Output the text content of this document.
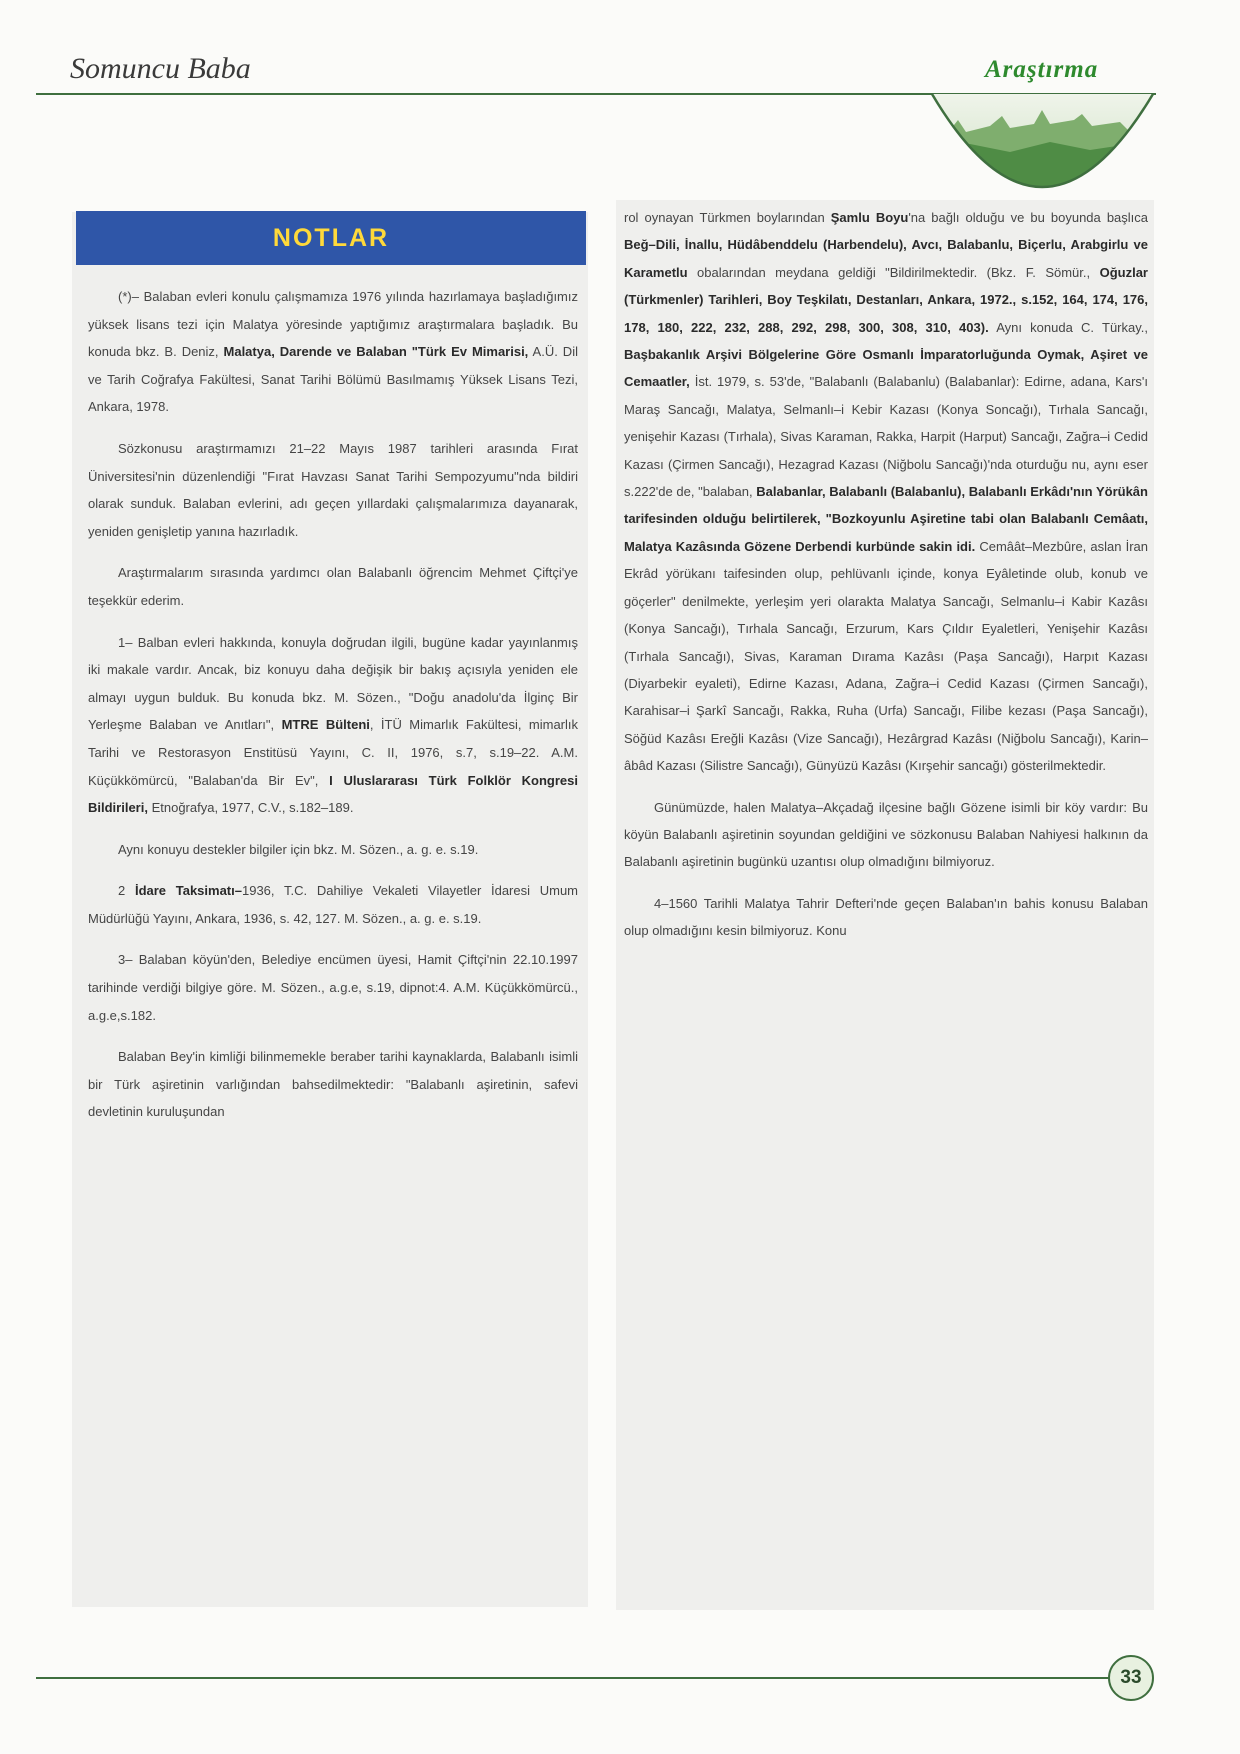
Somuncu Baba	Araştırma
NOTLAR

(*)– Balaban evleri konulu çalışmamıza 1976 yılında hazırlamaya başladığımız yüksek lisans tezi için Malatya yöresinde yaptığımız araştırmalara başladık. Bu konuda bkz. B. Deniz, Malatya, Darende ve Balaban "Türk Ev Mimarisi, A.Ü. Dil ve Tarih Coğrafya Fakültesi, Sanat Tarihi Bölümü Basılmamış Yüksek Lisans Tezi, Ankara, 1978.

Sözkonusu araştırmamızı 21–22 Mayıs 1987 tarihleri arasında Fırat Üniversitesi'nin düzenlendiği "Fırat Havzası Sanat Tarihi Sempozyumu"nda bildiri olarak sunduk. Balaban evlerini, adı geçen yıllardaki çalışmalarımıza dayanarak, yeniden genişletip yanına hazırladık.

Araştırmalarım sırasında yardımcı olan Balabanlı öğrencim Mehmet Çiftçi'ye teşekkür ederim.

1– Balban evleri hakkında, konuyla doğrudan ilgili, bugüne kadar yayınlanmış iki makale vardır. Ancak, biz konuyu daha değişik bir bakış açısıyla yeniden ele almayı uygun bulduk. Bu konuda bkz. M. Sözen., "Doğu anadolu'da İlginç Bir Yerleşme Balaban ve Anıtları", MTRE Bülteni, İTÜ Mimarlık Fakültesi, mimarlık Tarihi ve Restorasyon Enstitüsü Yayını, C. II, 1976, s.7, s.19–22. A.M. Küçükkömürcü, "Balaban'da Bir Ev", I Uluslararası Türk Folklör Kongresi Bildirileri, Etnoğrafya, 1977, C.V., s.182–189.

Aynı konuyu destekler bilgiler için bkz. M. Sözen., a. g. e. s.19.

2 İdare Taksimatı–1936, T.C. Dahiliye Vekaleti Vilayetler İdaresi Umum Müdürlüğü Yayını, Ankara, 1936, s. 42, 127. M. Sözen., a. g. e. s.19.

3– Balaban köyün'den, Belediye encümen üyesi, Hamit Çiftçi'nin 22.10.1997 tarihinde verdiği bilgiye göre. M. Sözen., a.g.e, s.19, dipnot:4. A.M. Küçükkömürcü., a.g.e,s.182.

Balaban Bey'in kimliği bilinmemekle beraber tarihi kaynaklarda, Balabanlı isimli bir Türk aşiretinin varlığından bahsedilmektedir: "Balabanlı aşiretinin, safevi devletinin kuruluşundan

rol oynayan Türkmen boylarından Şamlu Boyu'na bağlı olduğu ve bu boyunda başlıca Beğ–Dili, İnallu, Hüdâbenddelu (Harbendelu), Avcı, Balabanlu, Biçerlu, Arabgirlu ve Karametlu obalarından meydana geldiği "Bildirilmektedir. (Bkz. F. Sömür., Oğuzlar (Türkmenler) Tarihleri, Boy Teşkilatı, Destanları, Ankara, 1972., s.152, 164, 174, 176, 178, 180, 222, 232, 288, 292, 298, 300, 308, 310, 403). Aynı konuda C. Türkay., Başbakanlık Arşivi Bölgelerine Göre Osmanlı İmparatorluğunda Oymak, Aşiret ve Cemaatler, İst. 1979, s. 53'de, "Balabanlı (Balabanlu) (Balabanlar): Edirne, adana, Kars'ı Maraş Sancağı, Malatya, Selmanlı–i Kebir Kazası (Konya Soncağı), Tırhala Sancağı, yenişehir Kazası (Tırhala), Sivas Karaman, Rakka, Harpit (Harput) Sancağı, Zağra–i Cedid Kazası (Çirmen Sancağı), Hezagrad Kazası (Niğbolu Sancağı)'nda oturduğu nu, aynı eser s.222'de de, "balaban, Balabanlar, Balabanlı (Balabanlu), Balabanlı Erkâdı'nın Yörükân tarifesinden olduğu belirtilerek, "Bozkoyunlu Aşiretine tabi olan Balabanlı Cemâatı, Malatya Kazâsında Gözene Derbendi kurbünde sakin idi. Cemâât–Mezbûre, aslan İran Ekrâd yörükanı taifesinden olup, pehlüvanlı içinde, konya Eyâletinde olub, konub ve göçerler" denilmekte, yerleşim yeri olarakta Malatya Sancağı, Selmanlu–i Kabir Kazâsı (Konya Sancağı), Tırhala Sancağı, Erzurum, Kars Çıldır Eyaletleri, Yenişehir Kazâsı (Tırhala Sancağı), Sivas, Karaman Dırama Kazâsı (Paşa Sancağı), Harpıt Kazası (Diyarbekir eyaleti), Edirne Kazası, Adana, Zağra–i Cedid Kazası (Çirmen Sancağı), Karahisar–i Şarkî Sancağı, Rakka, Ruha (Urfa) Sancağı, Filibe kezası (Paşa Sancağı), Söğüd Kazâsı Ereğli Kazâsı (Vize Sancağı), Hezârgrad Kazâsı (Niğbolu Sancağı), Karin–âbâd Kazası (Silistre Sancağı), Günyüzü Kazâsı (Kırşehir sancağı) gösterilmektedir.

Günümüzde, halen Malatya–Akçadağ ilçesine bağlı Gözene isimli bir köy vardır: Bu köyün Balabanlı aşiretinin soyundan geldiğini ve sözkonusu Balaban Nahiyesi halkının da Balabanlı aşiretinin bugünkü uzantısı olup olmadığını bilmiyoruz.

4–1560 Tarihli Malatya Tahrir Defteri'nde geçen Balaban'ın bahis konusu Balaban olup olmadığını kesin bilmiyoruz. Konu

33
